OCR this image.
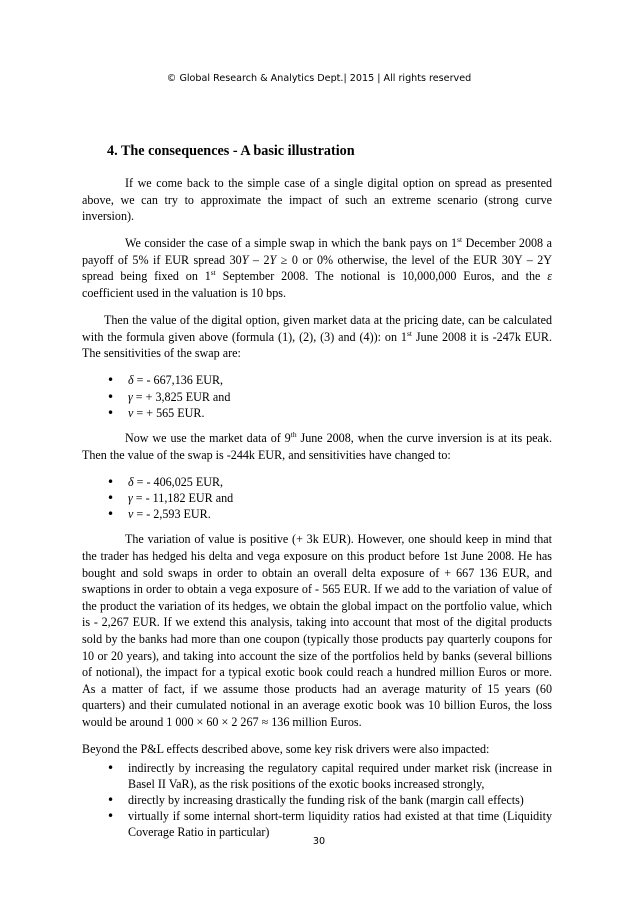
© Global Research & Analytics Dept.| 2015 | All rights reserved
4. The consequences - A basic illustration

If we come back to the simple case of a single digital option on spread as presented above, we can try to approximate the impact of such an extreme scenario (strong curve inversion).

We consider the case of a simple swap in which the bank pays on 1st December 2008 a payoff of 5% if EUR spread 30Y – 2Y ≥ 0 or 0% otherwise, the level of the EUR 30Y – 2Y spread being fixed on 1st September 2008. The notional is 10,000,000 Euros, and the ε coefficient used in the valuation is 10 bps.

Then the value of the digital option, given market data at the pricing date, can be calculated with the formula given above (formula (1), (2), (3) and (4)): on 1st June 2008 it is -247k EUR. The sensitivities of the swap are:

• δ = - 667,136 EUR,
• γ = + 3,825 EUR and
• ν = + 565 EUR.

Now we use the market data of 9th June 2008, when the curve inversion is at its peak. Then the value of the swap is -244k EUR, and sensitivities have changed to:

• δ = - 406,025 EUR,
• γ = - 11,182 EUR and
• ν = - 2,593 EUR.

The variation of value is positive (+ 3k EUR). However, one should keep in mind that the trader has hedged his delta and vega exposure on this product before 1st June 2008. He has bought and sold swaps in order to obtain an overall delta exposure of + 667 136 EUR, and swaptions in order to obtain a vega exposure of - 565 EUR. If we add to the variation of value of the product the variation of its hedges, we obtain the global impact on the portfolio value, which is - 2,267 EUR. If we extend this analysis, taking into account that most of the digital products sold by the banks had more than one coupon (typically those products pay quarterly coupons for 10 or 20 years), and taking into account the size of the portfolios held by banks (several billions of notional), the impact for a typical exotic book could reach a hundred million Euros or more. As a matter of fact, if we assume those products had an average maturity of 15 years (60 quarters) and their cumulated notional in an average exotic book was 10 billion Euros, the loss would be around 1 000 × 60 × 2 267 ≈ 136 million Euros.

Beyond the P&L effects described above, some key risk drivers were also impacted:

• indirectly by increasing the regulatory capital required under market risk (increase in Basel II VaR), as the risk positions of the exotic books increased strongly,
• directly by increasing drastically the funding risk of the bank (margin call effects)
• virtually if some internal short-term liquidity ratios had existed at that time (Liquidity Coverage Ratio in particular)
30
